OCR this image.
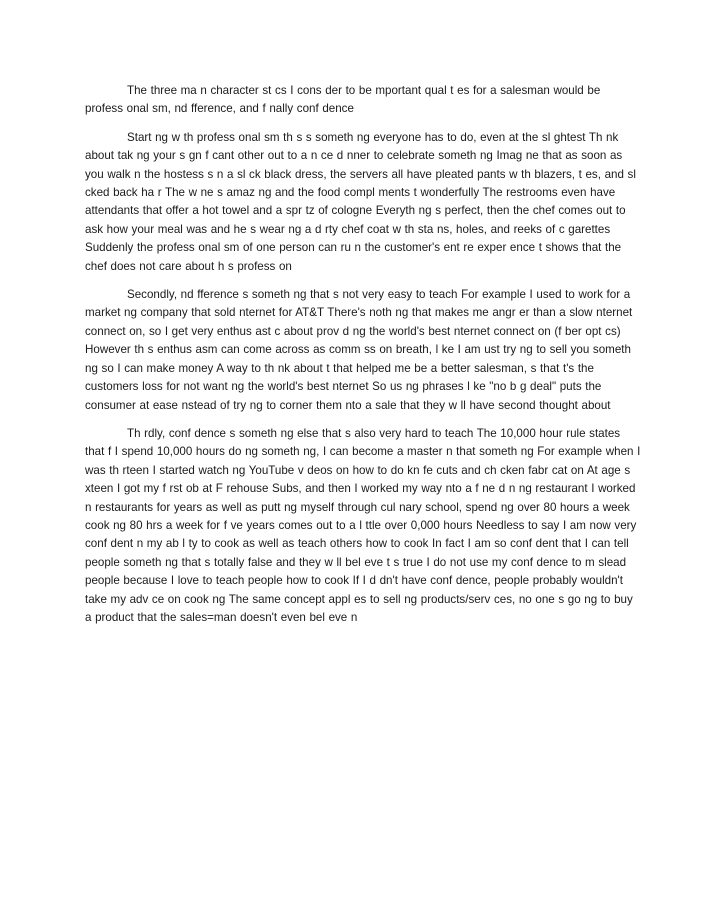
The three ma n character st cs I cons der to be mportant qual t es for a salesman would be profess onal sm, nd fference, and f nally conf dence

Start ng w th profess onal sm th s s someth ng everyone has to do, even at the sl ghtest Th nk about tak ng your s gn f cant other out to a n ce d nner to celebrate someth ng Imag ne that as soon as you walk n the hostess s n a sl ck black dress, the servers all have pleated pants w th blazers, t es, and sl cked back ha r The w ne s amaz ng and the food compl ments t wonderfully The restrooms even have attendants that offer a hot towel and a spr tz of cologne Everyth ng s perfect, then the chef comes out to ask how your meal was and he s wear ng a d rty chef coat w th sta ns, holes, and reeks of c garettes Suddenly the profess onal sm of one person can ru n the customer's ent re exper ence t shows that the chef does not care about h s profess on

Secondly, nd fference s someth ng that s not very easy to teach For example I used to work for a market ng company that sold nternet for AT&T There's noth ng that makes me angr er than a slow nternet connect on, so I get very enthus ast c about prov d ng the world's best nternet connect on (f ber opt cs) However th s enthus asm can come across as comm ss on breath, l ke I am ust try ng to sell you someth ng so I can make money A way to th nk about t that helped me be a better salesman, s that t's the customers loss for not want ng the world's best nternet So us ng phrases l ke "no b g deal" puts the consumer at ease nstead of try ng to corner them nto a sale that they w ll have second thought about

Th rdly, conf dence s someth ng else that s also very hard to teach The 10,000 hour rule states that f I spend 10,000 hours do ng someth ng, I can become a master n that someth ng For example when I was th rteen I started watch ng YouTube v deos on how to do kn fe cuts and ch cken fabr cat on At age s xteen I got my f rst ob at F rehouse Subs, and then I worked my way nto a f ne d n ng restaurant I worked n restaurants for years as well as putt ng myself through cul nary school, spend ng over 80 hours a week cook ng 80 hrs a week for f ve years comes out to a l ttle over 0,000 hours Needless to say I am now very conf dent n my ab l ty to cook as well as teach others how to cook In fact I am so conf dent that I can tell people someth ng that s totally false and they w ll bel eve t s true I do not use my conf dence to m slead people because I love to teach people how to cook If I d dn't have conf dence, people probably wouldn't take my adv ce on cook ng The same concept appl es to sell ng products/serv ces, no one s go ng to buy a product that the sales=man doesn't even bel eve n
